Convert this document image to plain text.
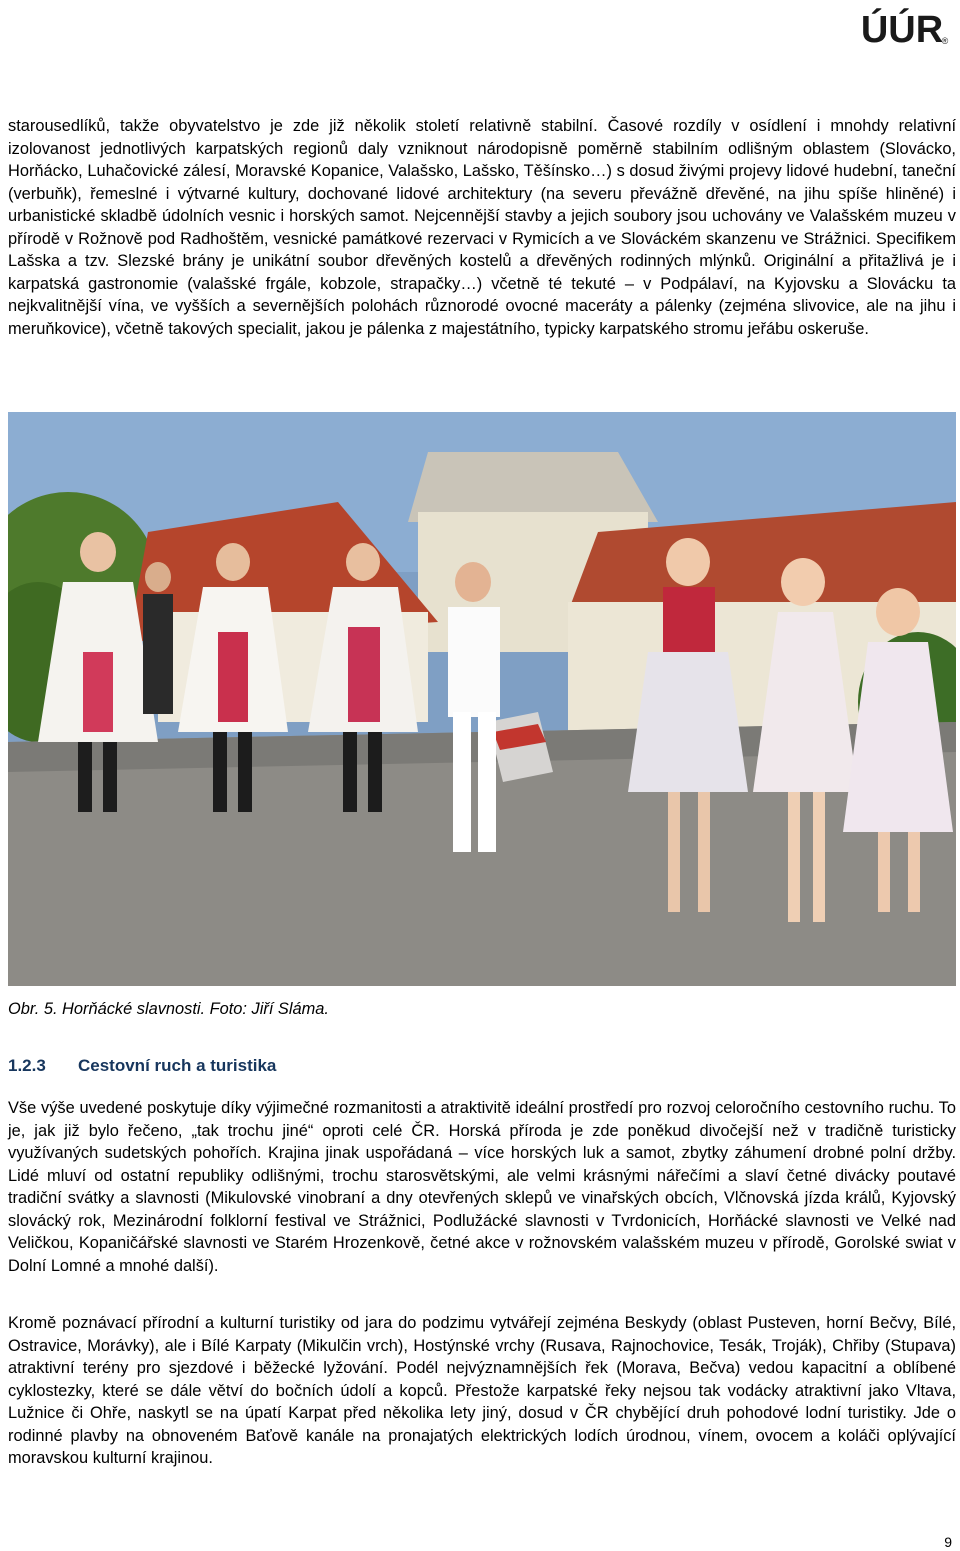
ÚÚR
®

starousedlíků, takže obyvatelstvo je zde již několik století relativně stabilní. Časové rozdíly v osídlení i mnohdy relativní izolovanost jednotlivých karpatských regionů daly vzniknout národopisně poměrně stabilním odlišným oblastem (Slovácko, Horňácko, Luhačovické zálesí, Moravské Kopanice, Valašsko, Lašsko, Těšínsko…) s dosud živými projevy lidové hudební, taneční (verbuňk), řemeslné i výtvarné kultury, dochované lidové architektury (na severu převážně dřevěné, na jihu spíše hliněné) i urbanistické skladbě údolních vesnic i horských samot. Nejcennější stavby a jejich soubory jsou uchovány ve Valašském muzeu v přírodě v Rožnově pod Radhoštěm, vesnické památkové rezervaci v Rymicích a ve Slováckém skanzenu ve Strážnici. Specifikem Lašska a tzv. Slezské brány je unikátní soubor dřevěných kostelů a dřevěných rodinných mlýnků. Originální a přitažlivá je i karpatská gastronomie (valašské frgále, kobzole, strapačky…) včetně té tekuté – v Podpálaví, na Kyjovsku a Slovácku ta nejkvalitnější vína, ve vyšších a severnějších polohách různorodé ovocné maceráty a pálenky (zejména slivovice, ale na jihu i meruňkovice), včetně takových specialit, jakou je pálenka z majestátního, typicky karpatského stromu jeřábu oskeruše.

Obr. 5. Horňácké slavnosti. Foto: Jiří Sláma.

1.2.3 Cestovní ruch a turistika

Vše výše uvedené poskytuje díky výjimečné rozmanitosti a atraktivitě ideální prostředí pro rozvoj celoročního cestovního ruchu. To je, jak již bylo řečeno, „tak trochu jiné“ oproti celé ČR. Horská příroda je zde poněkud divočejší než v tradičně turisticky využívaných sudetských pohořích. Krajina jinak uspořádaná – více horských luk a samot, zbytky záhumení drobné polní držby. Lidé mluví od ostatní republiky odlišnými, trochu starosvětskými, ale velmi krásnými nářečími a slaví četné divácky poutavé tradiční svátky a slavnosti (Mikulovské vinobraní a dny otevřených sklepů ve vinařských obcích, Vlčnovská jízda králů, Kyjovský slovácký rok, Mezinárodní folklorní festival ve Strážnici, Podlužácké slavnosti v Tvrdonicích, Horňácké slavnosti ve Velké nad Veličkou, Kopaničářské slavnosti ve Starém Hrozenkově, četné akce v rožnovském valašském muzeu v přírodě, Gorolské swiat v Dolní Lomné a mnohé další).

Kromě poznávací přírodní a kulturní turistiky od jara do podzimu vytvářejí zejména Beskydy (oblast Pusteven, horní Bečvy, Bílé, Ostravice, Morávky), ale i Bílé Karpaty (Mikulčin vrch), Hostýnské vrchy (Rusava, Rajnochovice, Tesák, Troják), Chřiby (Stupava) atraktivní terény pro sjezdové i běžecké lyžování. Podél nejvýznamnějších řek (Morava, Bečva) vedou kapacitní a oblíbené cyklostezky, které se dále větví do bočních údolí a kopců. Přestože karpatské řeky nejsou tak vodácky atraktivní jako Vltava, Lužnice či Ohře, naskytl se na úpatí Karpat před několika lety jiný, dosud v ČR chybějící druh pohodové lodní turistiky. Jde o rodinné plavby na obnoveném Baťově kanále na pronajatých elektrických lodích úrodnou, vínem, ovocem a koláči oplývající moravskou kulturní krajinou.

9
